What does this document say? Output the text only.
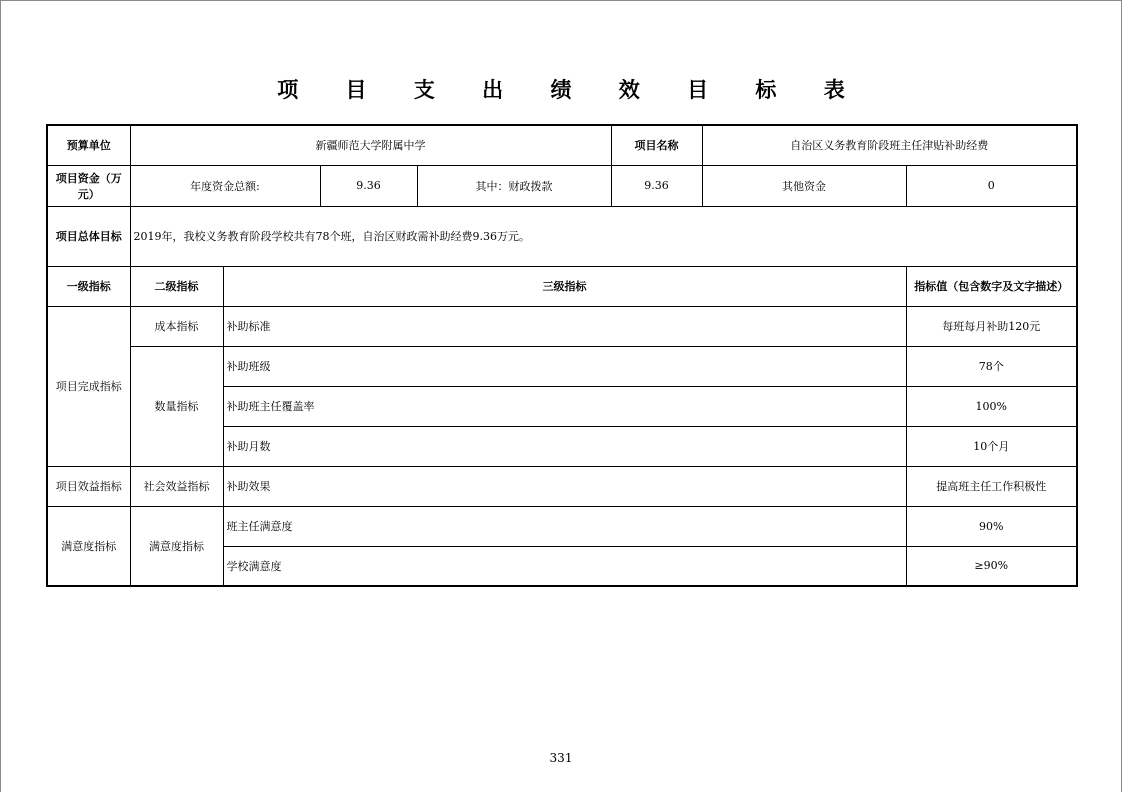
项 目 支 出 绩 效 目 标 表
预算单位	新疆师范大学附属中学				项目名称	自治区义务教育阶段班主任津贴补助经费	
项目资金（万元）	年度资金总额:		9.36	其中：财政拨款	9.36	其他资金	0
项目总体目标	2019年，我校义务教育阶段学校共有78个班，自治区财政需补助经费9.36万元。						
一级指标	二级指标	三级指标					指标值（包含数字及文字描述）
项目完成指标	成本指标	补助标准					每班每月补助120元
	数量指标	补助班级					78个
		补助班主任覆盖率					100%
		补助月数					10个月
项目效益指标	社会效益指标	补助效果					提高班主任工作积极性
满意度指标	满意度指标	班主任满意度					90%
		学校满意度					≥90%
331
